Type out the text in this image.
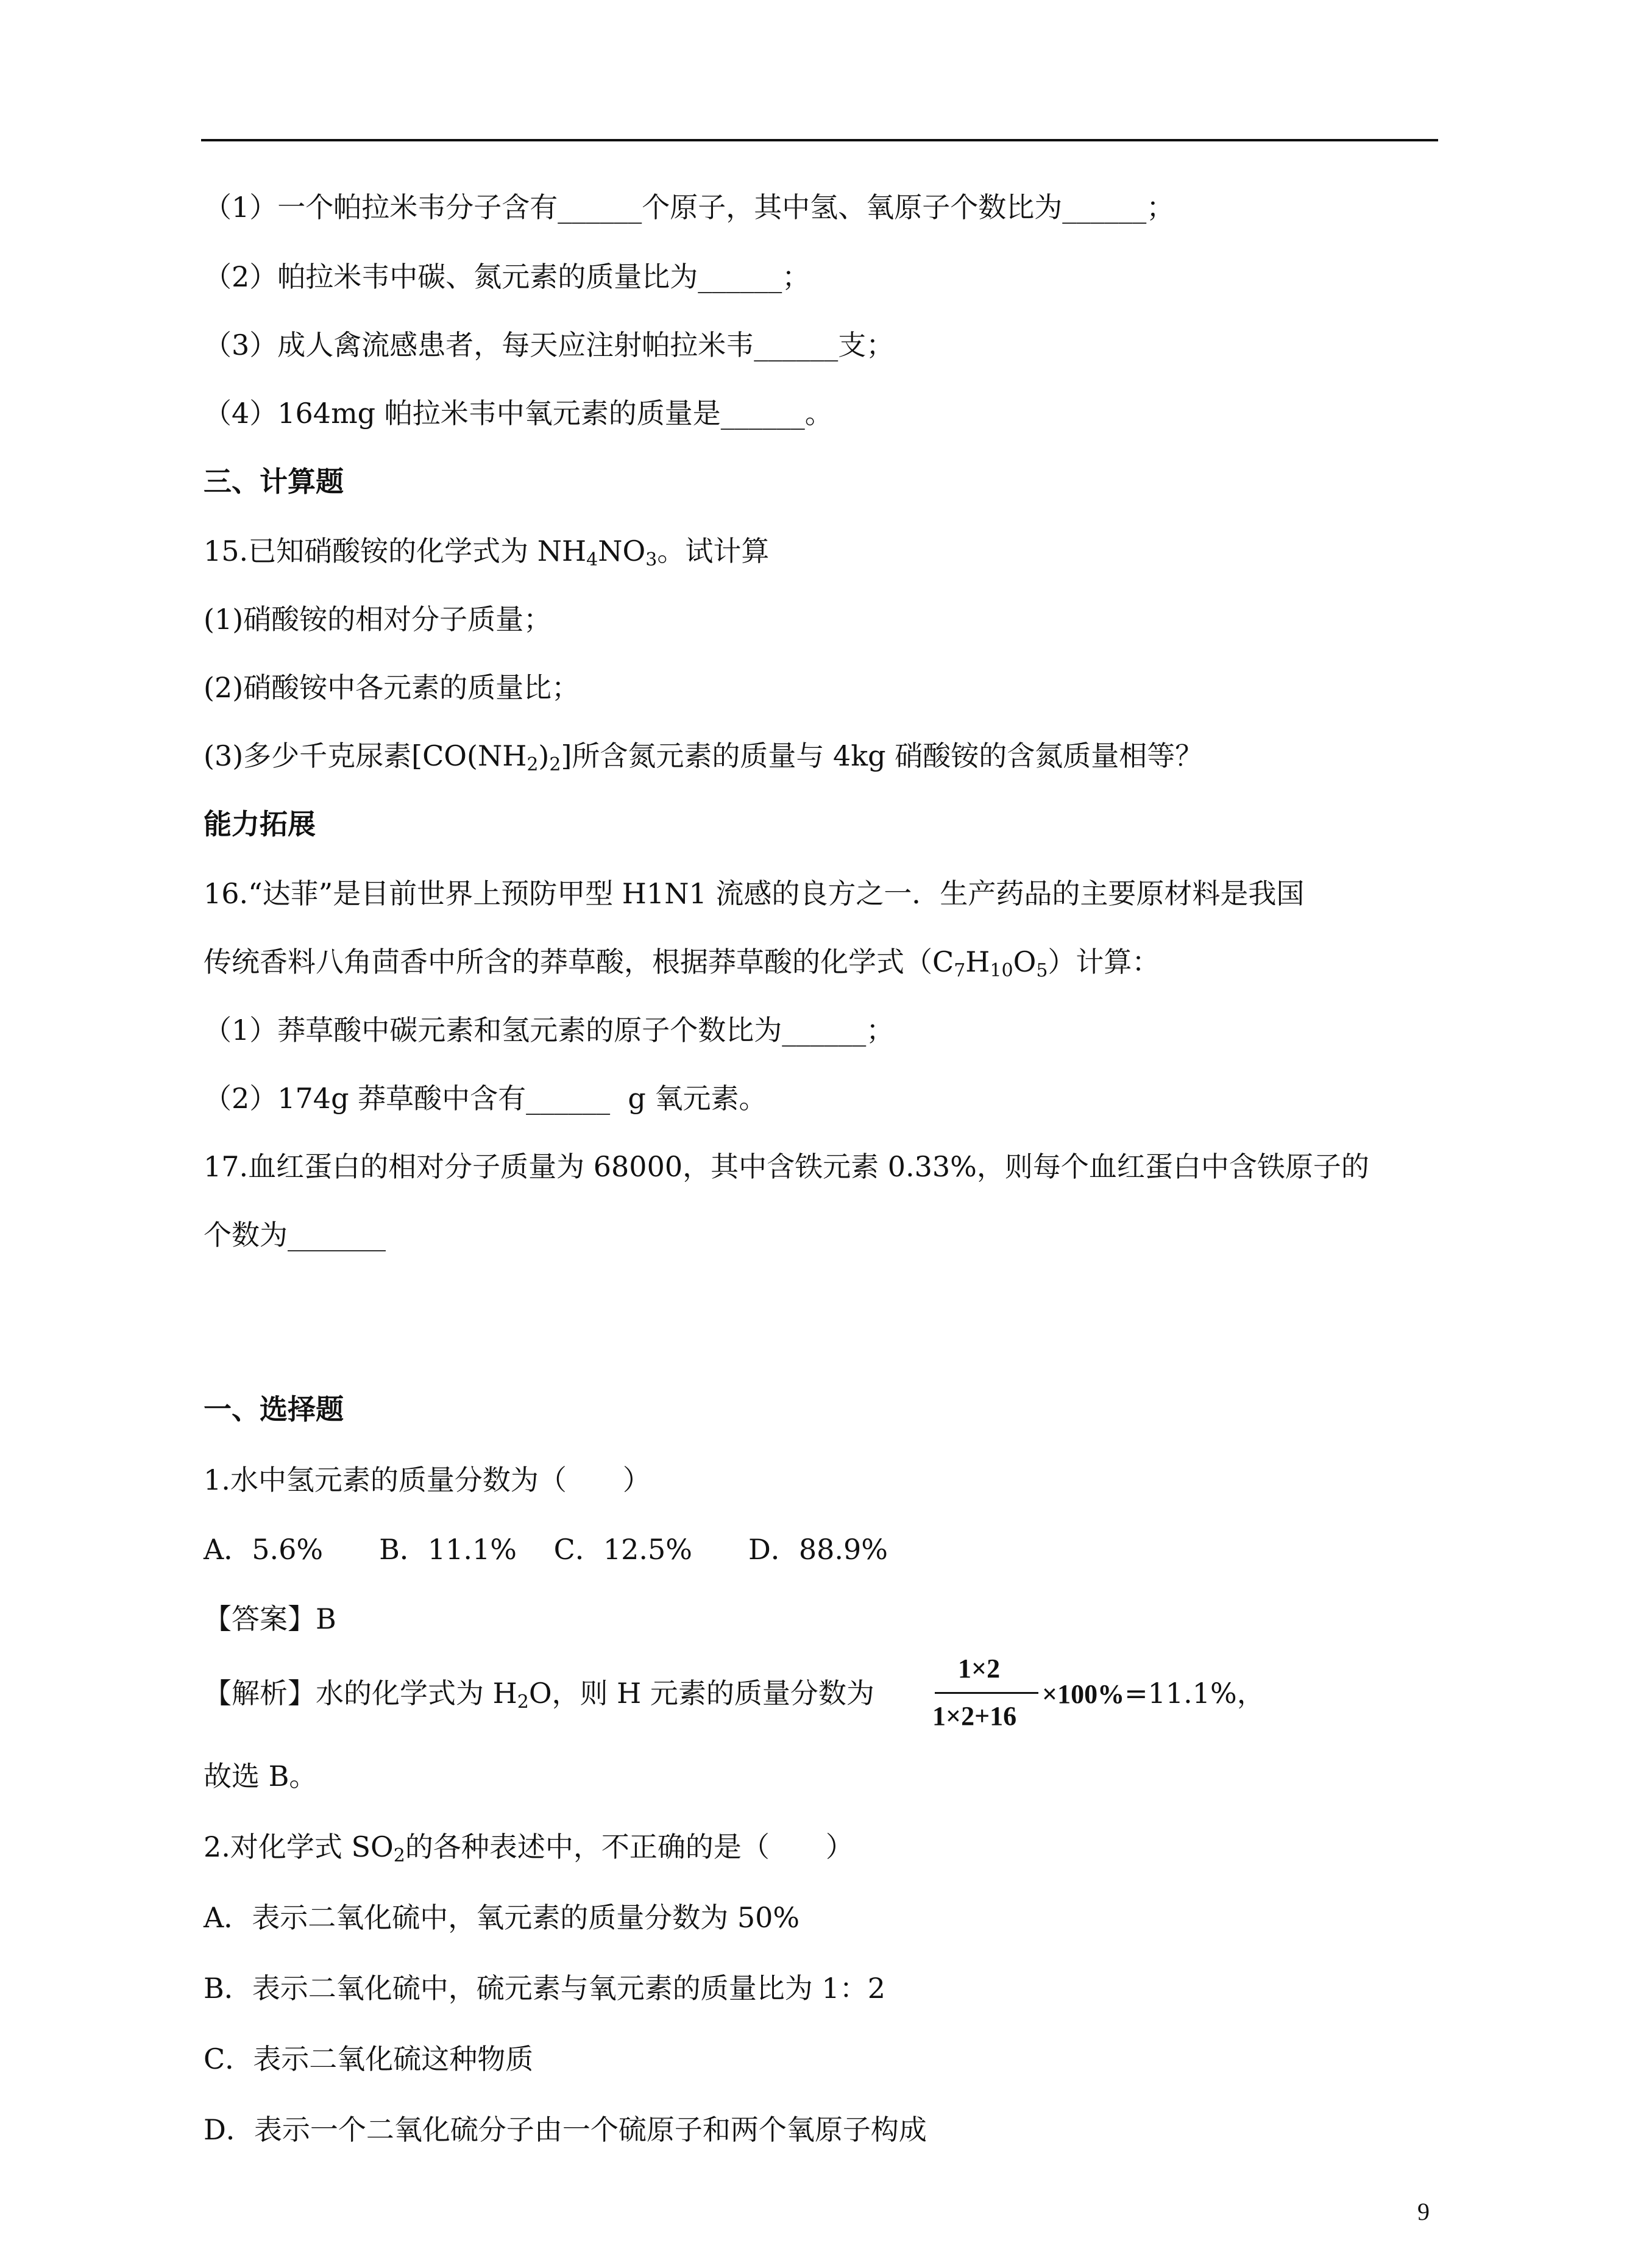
（1）一个帕拉米韦分子含有______个原子，其中氢、氧原子个数比为______；
（2）帕拉米韦中碳、氮元素的质量比为______；
（3）成人禽流感患者，每天应注射帕拉米韦______支；
（4）164mg 帕拉米韦中氧元素的质量是______。
三、计算题
15.已知硝酸铵的化学式为 $NH_4NO_3$。试计算
(1)硝酸铵的相对分子质量；
(2)硝酸铵中各元素的质量比；
(3)多少千克尿素$[CO(NH_2)_2]$所含氮元素的质量与 4kg 硝酸铵的含氮质量相等？
能力拓展
16.“达菲”是目前世界上预防甲型 H1N1 流感的良方之一．生产药品的主要原材料是我国
传统香料八角茴香中所含的莽草酸，根据莽草酸的化学式$(C_7H_{10}O_5)$计算：
（1）莽草酸中碳元素和氢元素的原子个数比为______；
（2）174g 莽草酸中含有______  g 氧元素。
17.血红蛋白的相对分子质量为 68000，其中含铁元素 0.33%，则每个血红蛋白中含铁原子的
个数为_______
一、选择题
1.水中氢元素的质量分数为（　　）
A．5.6%　　B．11.1%　 C．12.5%　　D．88.9%
【答案】B
【解析】水的化学式为 $H_2O$，则 H 元素的质量分数为
1×2
1×2+16
×100%=11.1%，
故选 B。
2.对化学式 $SO_2$的各种表述中，不正确的是（　　）
A．表示二氧化硫中，氧元素的质量分数为 50%
B．表示二氧化硫中，硫元素与氧元素的质量比为 1：2
C．表示二氧化硫这种物质
D．表示一个二氧化硫分子由一个硫原子和两个氧原子构成
9
